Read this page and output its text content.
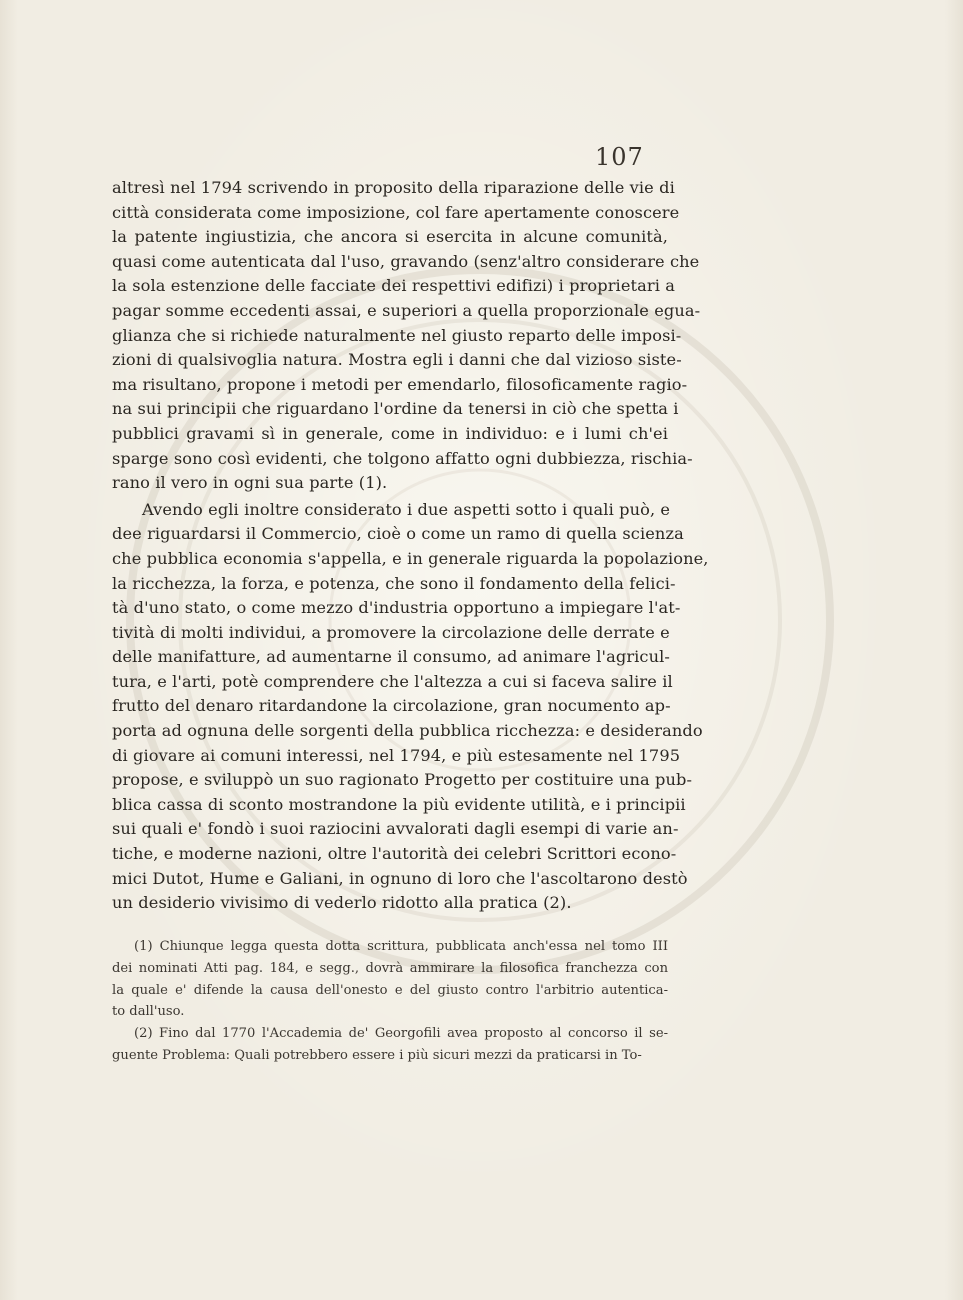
107
altresì nel 1794 scrivendo in proposito della riparazione delle vie di
città considerata come imposizione, col fare apertamente conoscere
la patente ingiustizia, che ancora si esercita in alcune comunità,
quasi come autenticata dal l'uso, gravando (senz'altro considerare che
la sola estenzione delle facciate dei respettivi edifizi) i proprietari a
pagar somme eccedenti assai, e superiori a quella proporzionale egua-
glianza che si richiede naturalmente nel giusto reparto delle imposi-
zioni di qualsivoglia natura. Mostra egli i danni che dal vizioso siste-
ma risultano, propone i metodi per emendarlo, filosoficamente ragio-
na sui principii che riguardano l'ordine da tenersi in ciò che spetta i
pubblici gravami sì in generale, come in individuo: e i lumi ch'ei
sparge sono così evidenti, che tolgono affatto ogni dubbiezza, rischia-
rano il vero in ogni sua parte (1).
Avendo egli inoltre considerato i due aspetti sotto i quali può, e
dee riguardarsi il Commercio, cioè o come un ramo di quella scienza
che pubblica economia s'appella, e in generale riguarda la popolazione,
la ricchezza, la forza, e potenza, che sono il fondamento della felici-
tà d'uno stato, o come mezzo d'industria opportuno a impiegare l'at-
tività di molti individui, a promovere la circolazione delle derrate e
delle manifatture, ad aumentarne il consumo, ad animare l'agricul-
tura, e l'arti, potè comprendere che l'altezza a cui si faceva salire il
frutto del denaro ritardandone la circolazione, gran nocumento ap-
porta ad ognuna delle sorgenti della pubblica ricchezza: e desiderando
di giovare ai comuni interessi, nel 1794, e più estesamente nel 1795
propose, e sviluppò un suo ragionato Progetto per costituire una pub-
blica cassa di sconto mostrandone la più evidente utilità, e i principii
sui quali e' fondò i suoi raziocini avvalorati dagli esempi di varie an-
tiche, e moderne nazioni, oltre l'autorità dei celebri Scrittori econo-
mici Dutot, Hume e Galiani, in ognuno di loro che l'ascoltarono destò
un desiderio vivisimo di vederlo ridotto alla pratica (2).
(1) Chiunque legga questa dotta scrittura, pubblicata anch'essa nel tomo III
dei nominati Atti pag. 184, e segg., dovrà ammirare la filosofica franchezza con
la quale e' difende la causa dell'onesto e del giusto contro l'arbitrio autentica-
to dall'uso.
(2) Fino dal 1770 l'Accademia de' Georgofili avea proposto al concorso il se-
guente Problema: Quali potrebbero essere i più sicuri mezzi da praticarsi in To-
